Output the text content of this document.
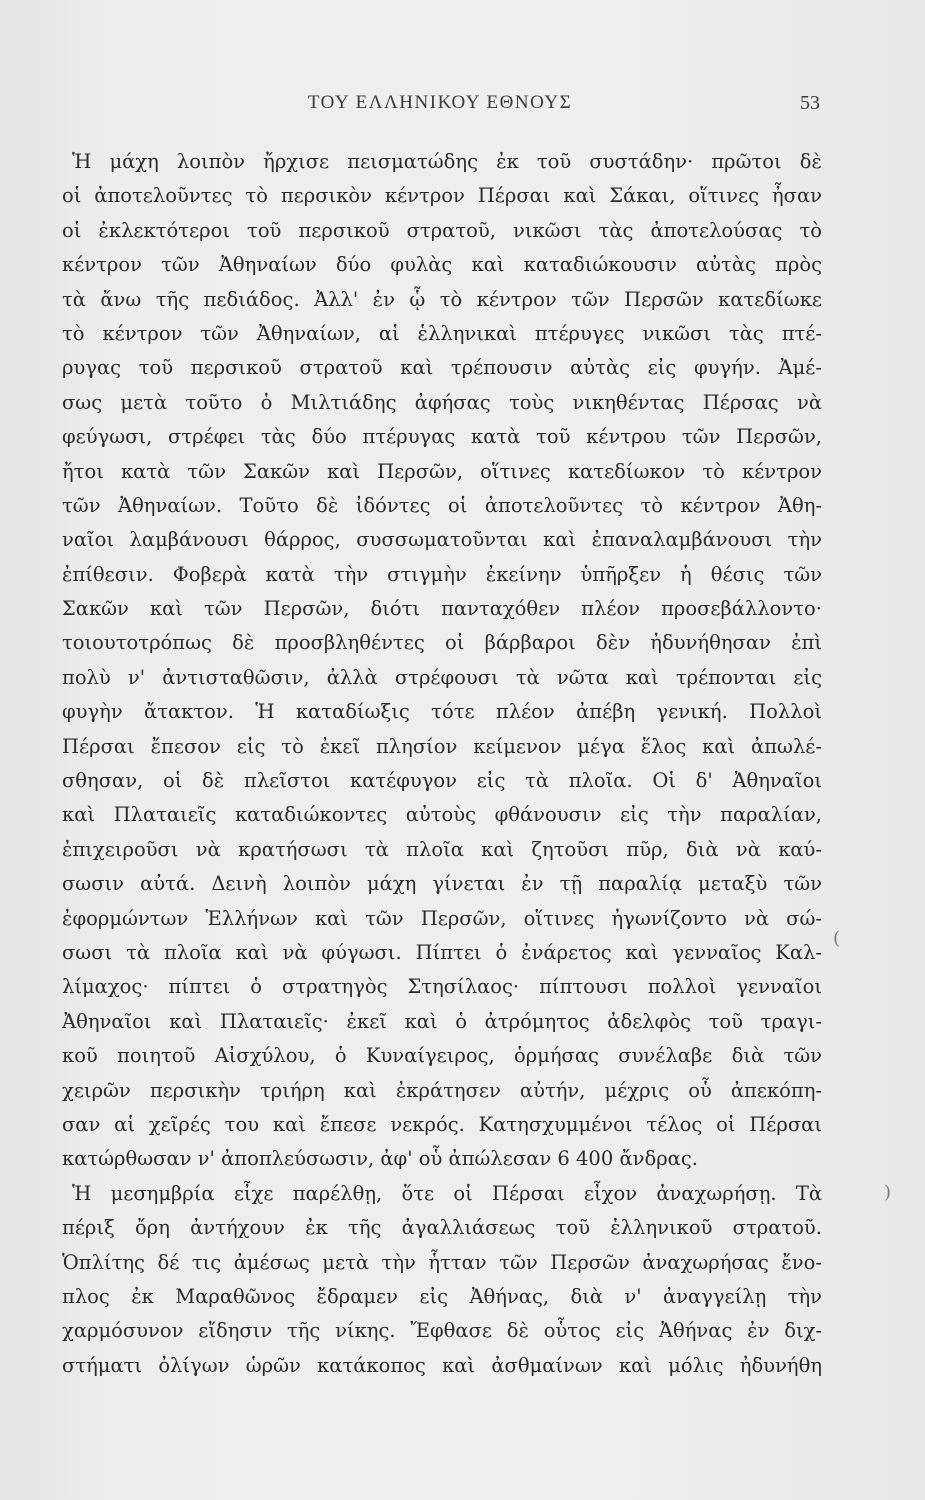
ΤΟΥ ΕΛΛΗΝΙΚΟΥ ΕΘΝΟΥΣ	53
Ἡ μάχη λοιπὸν ἤρχισε πεισματώδης ἐκ τοῦ συστάδην· πρῶτοι δὲ
οἱ ἀποτελοῦντες τὸ περσικὸν κέντρον Πέρσαι καὶ Σάκαι, οἵτινες ἦσαν
οἱ ἐκλεκτότεροι τοῦ περσικοῦ στρατοῦ, νικῶσι τὰς ἀποτελούσας τὸ
κέντρον τῶν Ἀθηναίων δύο φυλὰς καὶ καταδιώκουσιν αὐτὰς πρὸς
τὰ ἄνω τῆς πεδιάδος. Ἀλλ' ἐν ᾧ τὸ κέντρον τῶν Περσῶν κατεδίωκε
τὸ κέντρον τῶν Ἀθηναίων, αἱ ἑλληνικαὶ πτέρυγες νικῶσι τὰς πτέ-
ρυγας τοῦ περσικοῦ στρατοῦ καὶ τρέπουσιν αὐτὰς εἰς φυγήν. Ἀμέ-
σως μετὰ τοῦτο ὁ Μιλτιάδης ἀφήσας τοὺς νικηθέντας Πέρσας νὰ
φεύγωσι, στρέφει τὰς δύο πτέρυγας κατὰ τοῦ κέντρου τῶν Περσῶν,
ἤτοι κατὰ τῶν Σακῶν καὶ Περσῶν, οἵτινες κατεδίωκον τὸ κέντρον
τῶν Ἀθηναίων. Τοῦτο δὲ ἰδόντες οἱ ἀποτελοῦντες τὸ κέντρον Ἀθη-
ναῖοι λαμβάνουσι θάρρος, συσσωματοῦνται καὶ ἐπαναλαμβάνουσι τὴν
ἐπίθεσιν. Φοβερὰ κατὰ τὴν στιγμὴν ἐκείνην ὑπῆρξεν ἡ θέσις τῶν
Σακῶν καὶ τῶν Περσῶν, διότι πανταχόθεν πλέον προσεβάλλοντο·
τοιουτοτρόπως δὲ προσβληθέντες οἱ βάρβαροι δὲν ἠδυνήθησαν ἐπὶ
πολὺ ν' ἀντισταθῶσιν, ἀλλὰ στρέφουσι τὰ νῶτα καὶ τρέπονται εἰς
φυγὴν ἄτακτον. Ἡ καταδίωξις τότε πλέον ἀπέβη γενική. Πολλοὶ
Πέρσαι ἔπεσον εἰς τὸ ἐκεῖ πλησίον κείμενον μέγα ἕλος καὶ ἀπωλέ-
σθησαν, οἱ δὲ πλεῖστοι κατέφυγον εἰς τὰ πλοῖα. Οἱ δ' Ἀθηναῖοι
καὶ Πλαταιεῖς καταδιώκοντες αὐτοὺς φθάνουσιν εἰς τὴν παραλίαν,
ἐπιχειροῦσι νὰ κρατήσωσι τὰ πλοῖα καὶ ζητοῦσι πῦρ, διὰ νὰ καύ-
σωσιν αὐτά. Δεινὴ λοιπὸν μάχη γίνεται ἐν τῇ παραλίᾳ μεταξὺ τῶν
ἐφορμώντων Ἑλλήνων καὶ τῶν Περσῶν, οἵτινες ἠγωνίζοντο νὰ σώ-
σωσι τὰ πλοῖα καὶ νὰ φύγωσι. Πίπτει ὁ ἐνάρετος καὶ γενναῖος Καλ-
λίμαχος· πίπτει ὁ στρατηγὸς Στησίλαος· πίπτουσι πολλοὶ γενναῖοι
Ἀθηναῖοι καὶ Πλαταιεῖς· ἐκεῖ καὶ ὁ ἀτρόμητος ἀδελφὸς τοῦ τραγι-
κοῦ ποιητοῦ Αἰσχύλου, ὁ Κυναίγειρος, ὁρμήσας συνέλαβε διὰ τῶν
χειρῶν περσικὴν τριήρη καὶ ἐκράτησεν αὐτήν, μέχρις οὗ ἀπεκόπη-
σαν αἱ χεῖρές του καὶ ἔπεσε νεκρός. Κατησχυμμένοι τέλος οἱ Πέρσαι
κατώρθωσαν ν' ἀποπλεύσωσιν, ἀφ' οὗ ἀπώλεσαν 6 400 ἄνδρας.
Ἡ μεσημβρία εἶχε παρέλθῃ, ὅτε οἱ Πέρσαι εἶχον ἀναχωρήσῃ. Τὰ
πέριξ ὄρη ἀντήχουν ἐκ τῆς ἀγαλλιάσεως τοῦ ἑλληνικοῦ στρατοῦ.
Ὁπλίτης δέ τις ἀμέσως μετὰ τὴν ἧτταν τῶν Περσῶν ἀναχωρήσας ἔνο-
πλος ἐκ Μαραθῶνος ἔδραμεν εἰς Ἀθήνας, διὰ ν' ἀναγγείλῃ τὴν
χαρμόσυνον εἴδησιν τῆς νίκης. Ἔφθασε δὲ οὗτος εἰς Ἀθήνας ἐν διχ-
στήματι ὀλίγων ὡρῶν κατάκοπος καὶ ἀσθμαίνων καὶ μόλις ἠδυνήθη
(
)
